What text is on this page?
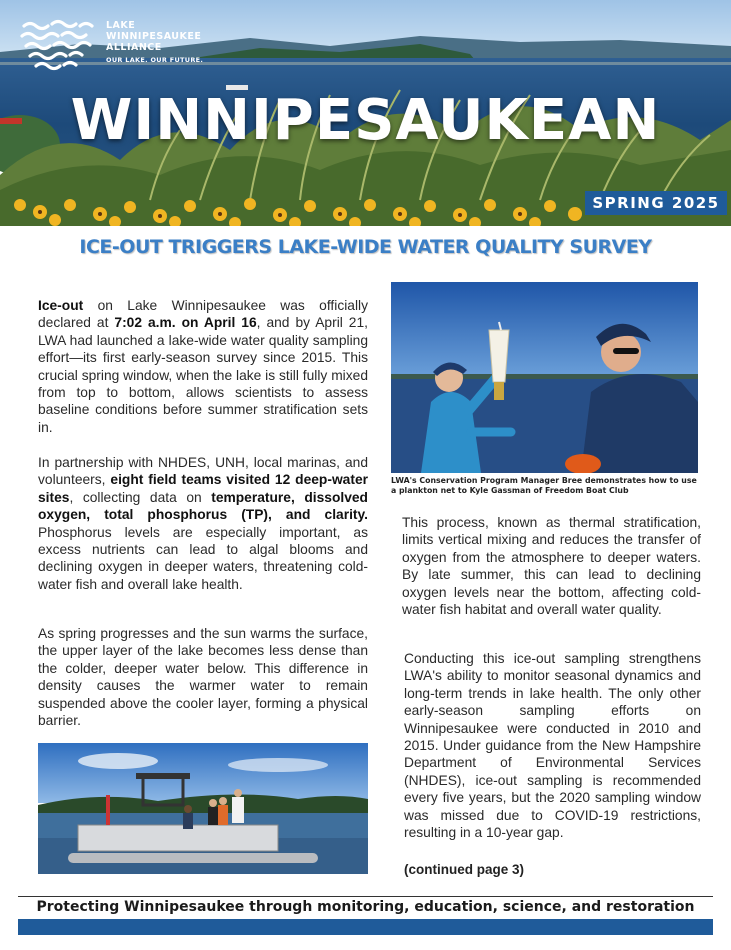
LAKE
WINNIPESAUKEE
ALLIANCE
OUR LAKE. OUR FUTURE.
WINNIPESAUKEAN
SPRING 2025
ICE-OUT TRIGGERS LAKE-WIDE WATER QUALITY SURVEY

Ice-out on Lake Winnipesaukee was officially declared at 7:02 a.m. on April 16, and by April 21, LWA had launched a lake-wide water quality sampling effort—its first early-season survey since 2015. This crucial spring window, when the lake is still fully mixed from top to bottom, allows scientists to assess baseline conditions before summer stratification sets in.

In partnership with NHDES, UNH, local marinas, and volunteers, eight field teams visited 12 deep-water sites, collecting data on temperature, dissolved oxygen, total phosphorus (TP), and clarity. Phosphorus levels are especially important, as excess nutrients can lead to algal blooms and declining oxygen in deeper waters, threatening cold-water fish and overall lake health.

As spring progresses and the sun warms the surface, the upper layer of the lake becomes less dense than the colder, deeper water below. This difference in density causes the warmer water to remain suspended above the cooler layer, forming a physical barrier.

LWA's Conservation Program Manager Bree demonstrates how to use a plankton net to Kyle Gassman of Freedom Boat Club

This process, known as thermal stratification, limits vertical mixing and reduces the transfer of oxygen from the atmosphere to deeper waters. By late summer, this can lead to declining oxygen levels near the bottom, affecting cold-water fish habitat and overall water quality.

Conducting this ice-out sampling strengthens LWA's ability to monitor seasonal dynamics and long-term trends in lake health. The only other early-season sampling efforts on Winnipesaukee were conducted in 2010 and 2015. Under guidance from the New Hampshire Department of Environmental Services (NHDES), ice-out sampling is recommended every five years, but the 2020 sampling window was missed due to COVID-19 restrictions, resulting in a 10-year gap.

(continued page 3)
Protecting Winnipesaukee through monitoring, education, science, and restoration
